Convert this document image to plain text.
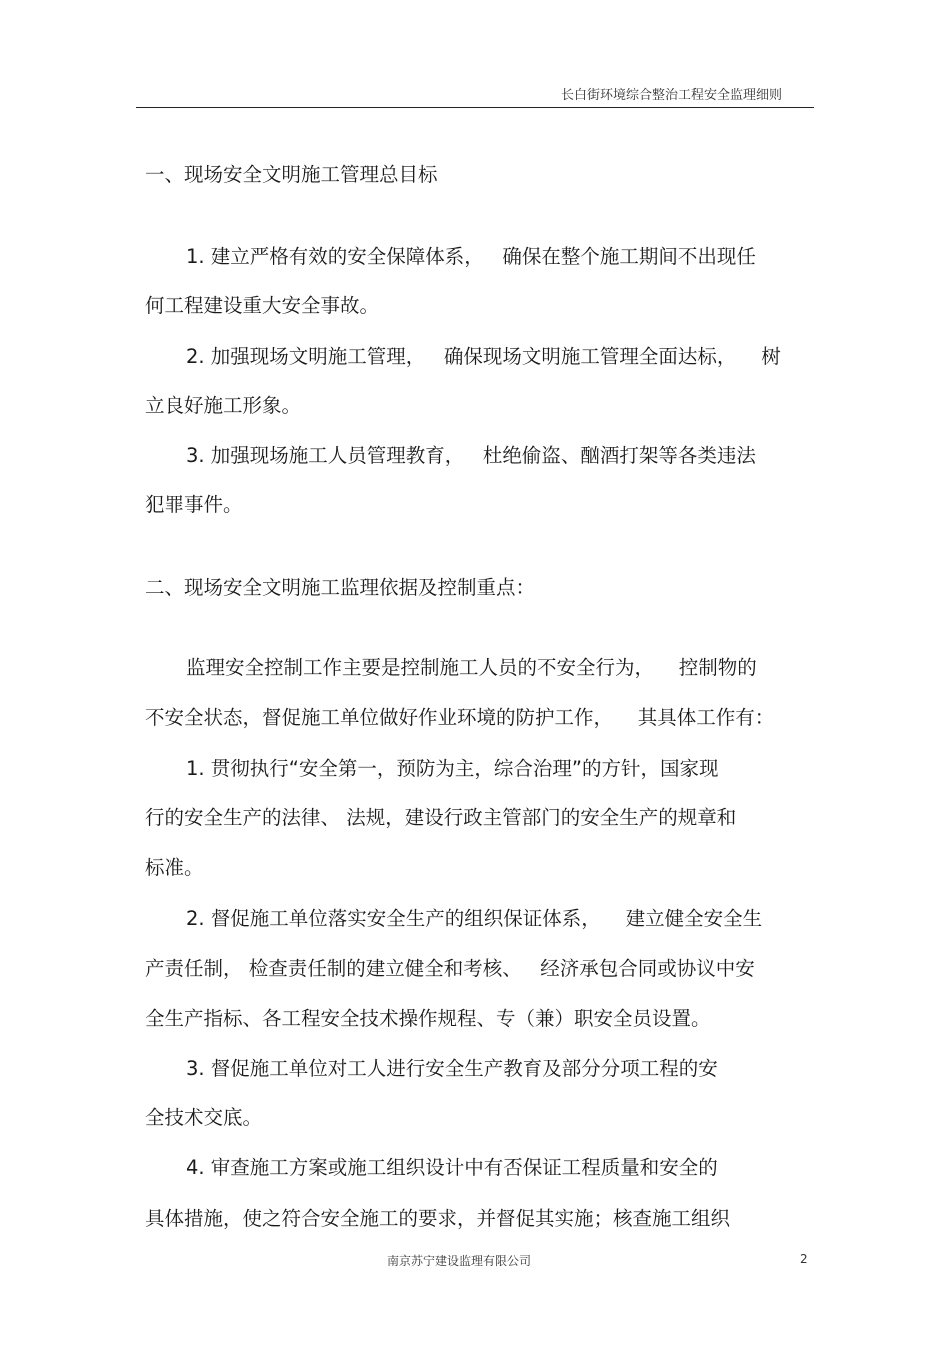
长白街环境综合整治工程安全监理细则
一、现场安全文明施工管理总目标
1. 建立严格有效的安全保障体系，   确保在整个施工期间不出现任
何工程建设重大安全事故。
2. 加强现场文明施工管理，   确保现场文明施工管理全面达标，    树
立良好施工形象。
3. 加强现场施工人员管理教育，   杜绝偷盗、酗酒打架等各类违法
犯罪事件。
二、现场安全文明施工监理依据及控制重点：
监理安全控制工作主要是控制施工人员的不安全行为，    控制物的
不安全状态，督促施工单位做好作业环境的防护工作，    其具体工作有：
1. 贯彻执行“安全第一，预防为主，综合治理”的方针，国家现
行的安全生产的法律、 法规，建设行政主管部门的安全生产的规章和
标准。
2. 督促施工单位落实安全生产的组织保证体系，    建立健全安全生
产责任制， 检查责任制的建立健全和考核、   经济承包合同或协议中安
全生产指标、各工程安全技术操作规程、专（兼）职安全员设置。
3. 督促施工单位对工人进行安全生产教育及部分分项工程的安
全技术交底。
4. 审查施工方案或施工组织设计中有否保证工程质量和安全的
具体措施，使之符合安全施工的要求，并督促其实施；核查施工组织
南京苏宁建设监理有限公司	2
